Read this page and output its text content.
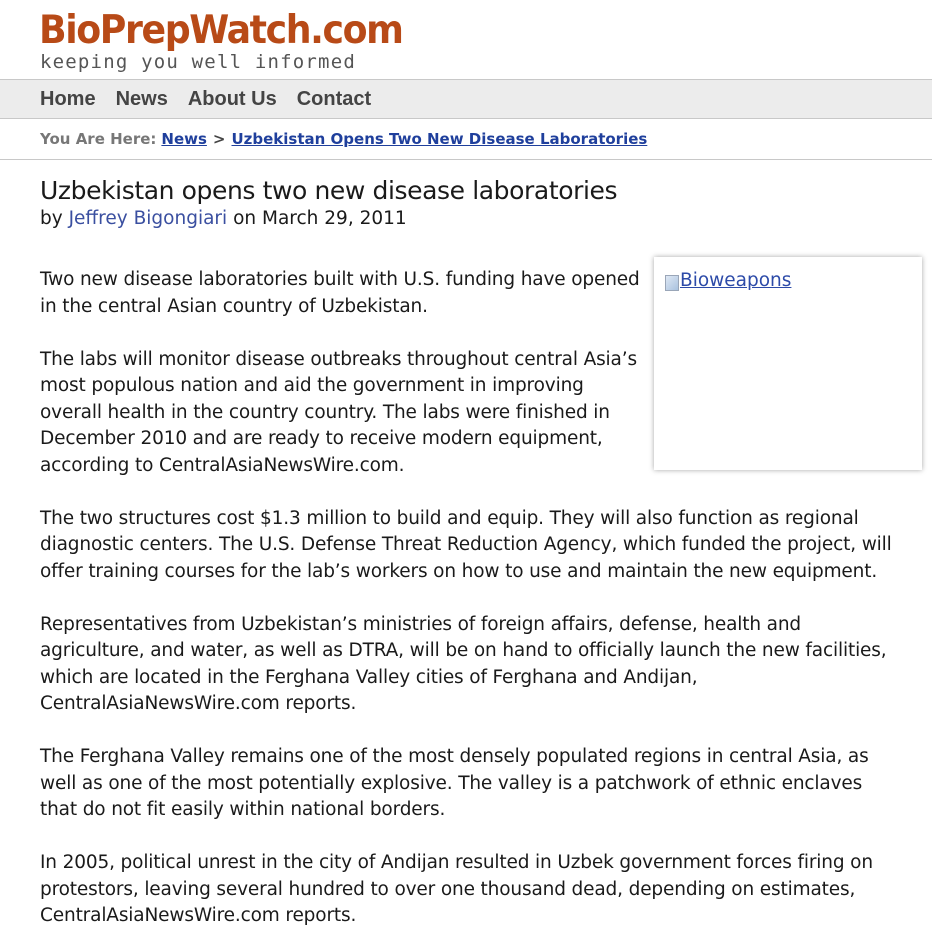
BioPrepWatch.com
keeping you well informed
Home News About Us Contact
You Are Here: News > Uzbekistan Opens Two New Disease Laboratories
Uzbekistan opens two new disease laboratories
by Jeffrey Bigongiari on March 29, 2011
Bioweapons

Two new disease laboratories built with U.S. funding have opened in the central Asian country of Uzbekistan.

The labs will monitor disease outbreaks throughout central Asia’s most populous nation and aid the government in improving overall health in the country country. The labs were finished in December 2010 and are ready to receive modern equipment, according to CentralAsiaNewsWire.com.

The two structures cost $1.3 million to build and equip. They will also function as regional diagnostic centers. The U.S. Defense Threat Reduction Agency, which funded the project, will offer training courses for the lab’s workers on how to use and maintain the new equipment.

Representatives from Uzbekistan’s ministries of foreign affairs, defense, health and agriculture, and water, as well as DTRA, will be on hand to officially launch the new facilities, which are located in the Ferghana Valley cities of Ferghana and Andijan, CentralAsiaNewsWire.com reports.

The Ferghana Valley remains one of the most densely populated regions in central Asia, as well as one of the most potentially explosive. The valley is a patchwork of ethnic enclaves that do not fit easily within national borders.

In 2005, political unrest in the city of Andijan resulted in Uzbek government forces firing on protestors, leaving several hundred to over one thousand dead, depending on estimates, CentralAsiaNewsWire.com reports.
